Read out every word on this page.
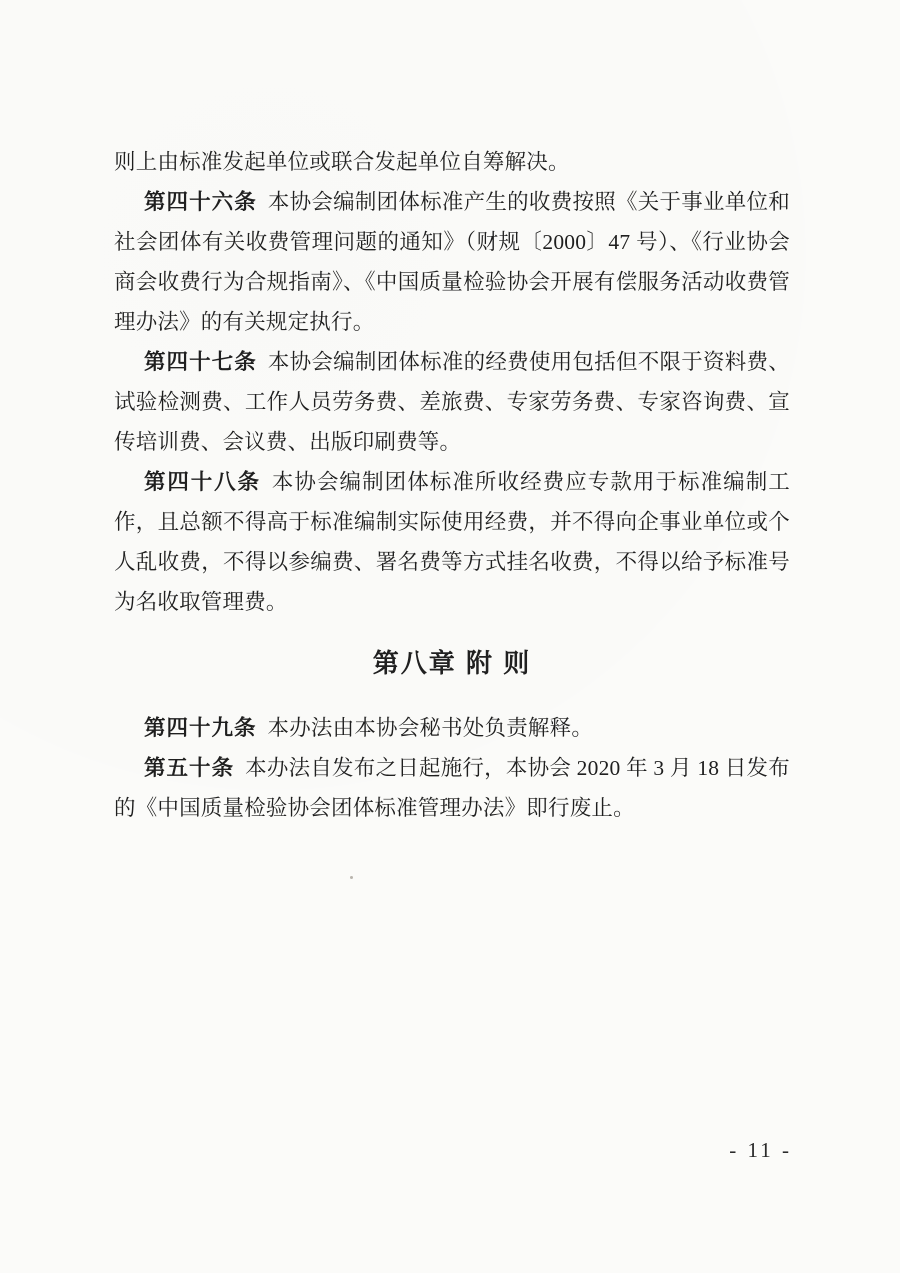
则上由标准发起单位或联合发起单位自筹解决。

第四十六条 本协会编制团体标准产生的收费按照《关于事业单位和社会团体有关收费管理问题的通知》（财规〔2000〕47 号）、《行业协会商会收费行为合规指南》、《中国质量检验协会开展有偿服务活动收费管理办法》的有关规定执行。

第四十七条 本协会编制团体标准的经费使用包括但不限于资料费、试验检测费、工作人员劳务费、差旅费、专家劳务费、专家咨询费、宣传培训费、会议费、出版印刷费等。

第四十八条 本协会编制团体标准所收经费应专款用于标准编制工作，且总额不得高于标准编制实际使用经费，并不得向企事业单位或个人乱收费，不得以参编费、署名费等方式挂名收费，不得以给予标准号为名收取管理费。

第八章 附 则

第四十九条 本办法由本协会秘书处负责解释。

第五十条 本办法自发布之日起施行，本协会 2020 年 3 月 18 日发布的《中国质量检验协会团体标准管理办法》即行废止。

- 11 -
